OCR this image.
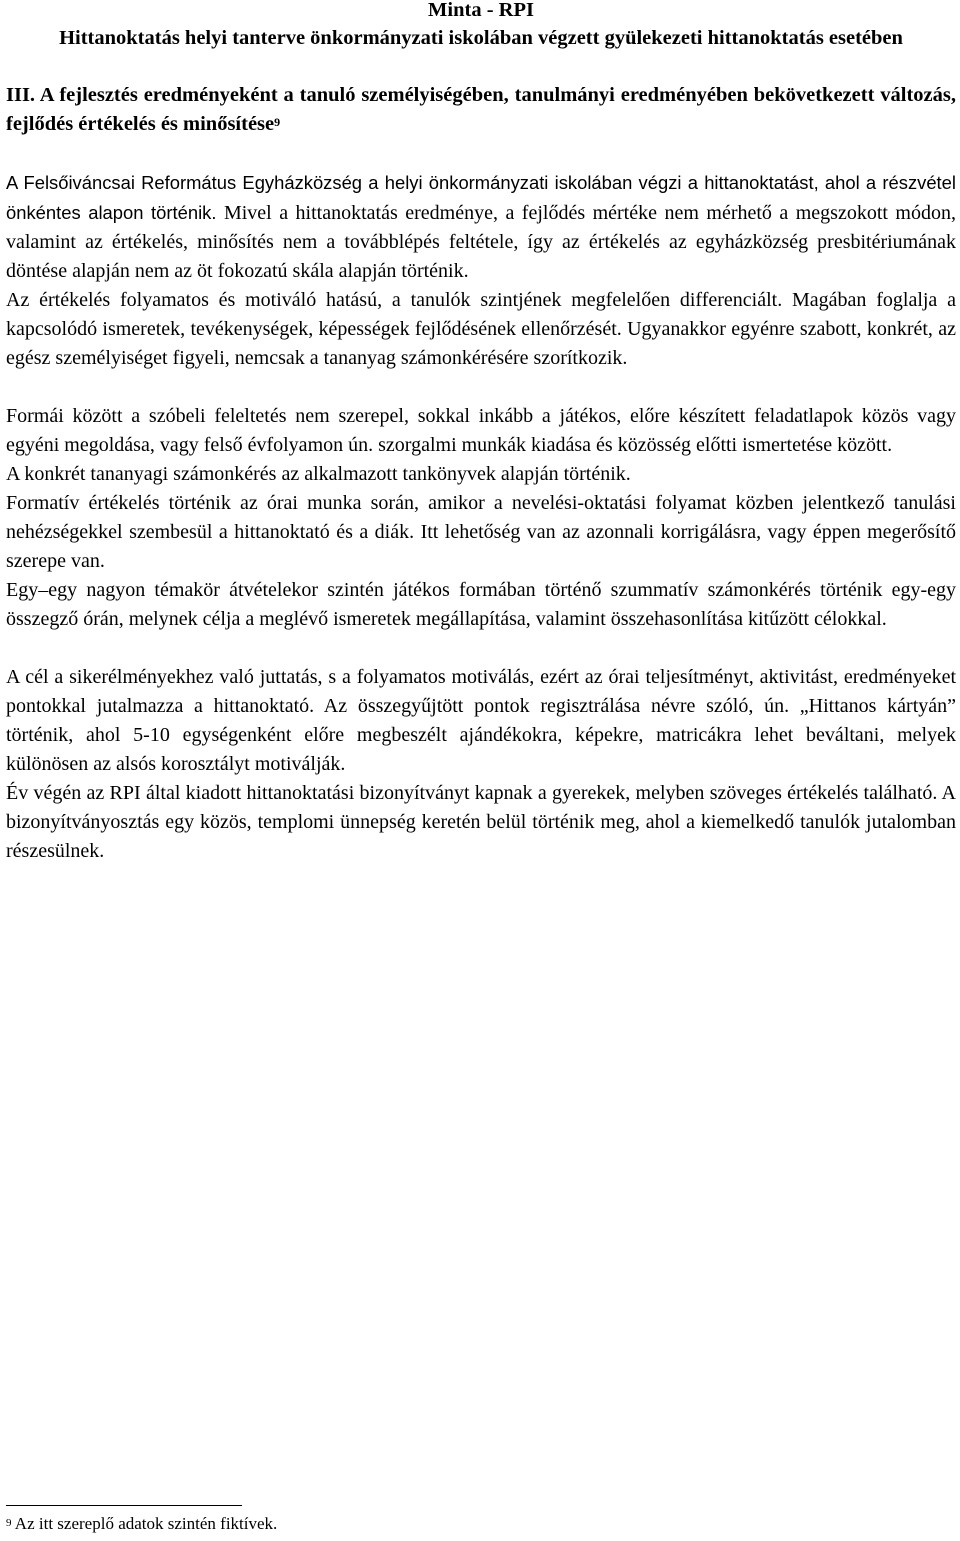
Minta - RPI
Hittanoktatás helyi tanterve önkormányzati iskolában végzett gyülekezeti hittanoktatás esetében
III. A fejlesztés eredményeként a tanuló személyiségében, tanulmányi eredményében bekövetkezett változás, fejlődés értékelés és minősítése$^9$

A Felsőiváncsai Református Egyházközség a helyi önkormányzati iskolában végzi a hittanoktatást, ahol a részvétel önkéntes alapon történik. Mivel a hittanoktatás eredménye, a fejlődés mértéke nem mérhető a megszokott módon, valamint az értékelés, minősítés nem a továbblépés feltétele, így az értékelés az egyházközség presbitériumának döntése alapján nem az öt fokozatú skála alapján történik.

Az értékelés folyamatos és motiváló hatású, a tanulók szintjének megfelelően differenciált. Magában foglalja a kapcsolódó ismeretek, tevékenységek, képességek fejlődésének ellenőrzését. Ugyanakkor egyénre szabott, konkrét, az egész személyiséget figyeli, nemcsak a tananyag számonkérésére szorítkozik.

Formái között a szóbeli feleltetés nem szerepel, sokkal inkább a játékos, előre készített feladatlapok közös vagy egyéni megoldása, vagy felső évfolyamon ún. szorgalmi munkák kiadása és közösség előtti ismertetése között.

A konkrét tananyagi számonkérés az alkalmazott tankönyvek alapján történik.

Formatív értékelés történik az órai munka során, amikor a nevelési-oktatási folyamat közben jelentkező tanulási nehézségekkel szembesül a hittanoktató és a diák. Itt lehetőség van az azonnali korrigálásra, vagy éppen megerősítő szerepe van.

Egy–egy nagyon témakör átvételekor szintén játékos formában történő szummatív számonkérés történik egy-egy összegző órán, melynek célja a meglévő ismeretek megállapítása, valamint összehasonlítása kitűzött célokkal.

A cél a sikerélményekhez való juttatás, s a folyamatos motiválás, ezért az órai teljesítményt, aktivitást, eredményeket pontokkal jutalmazza a hittanoktató. Az összegyűjtött pontok regisztrálása névre szóló, ún. „Hittanos kártyán” történik, ahol 5-10 egységenként előre megbeszélt ajándékokra, képekre, matricákra lehet beváltani, melyek különösen az alsós korosztályt motiválják.

Év végén az RPI által kiadott hittanoktatási bizonyítványt kapnak a gyerekek, melyben szöveges értékelés található. A bizonyítványosztás egy közös, templomi ünnepség keretén belül történik meg, ahol a kiemelkedő tanulók jutalomban részesülnek.

$^9$ Az itt szereplő adatok szintén fiktívek.
